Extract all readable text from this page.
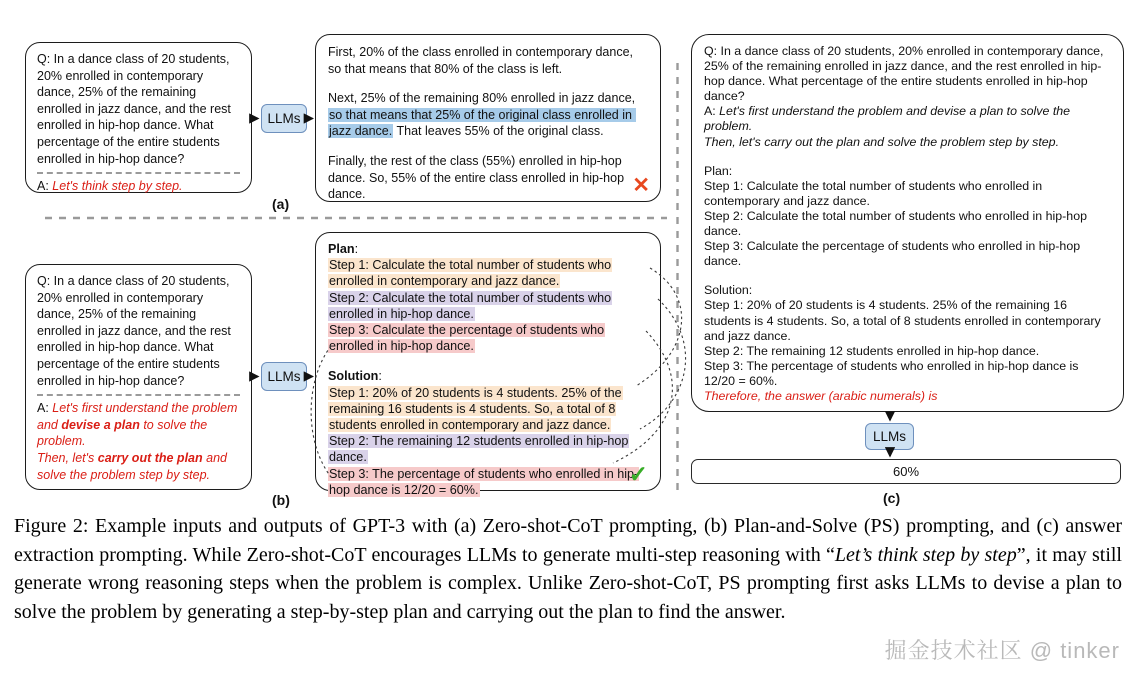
Q: In a dance class of 20 students, 20% enrolled in contemporary dance, 25% of the remaining enrolled in jazz dance, and the rest enrolled in hip-hop dance. What percentage of the entire students enrolled in hip-hop dance?
A: Let's think step by step.
LLMs

First, 20% of the class enrolled in contemporary dance, so that means that 80% of the class is left.

Next, 25% of the remaining 80% enrolled in jazz dance, so that means that 25% of the original class enrolled in jazz dance. That leaves 55% of the original class.

Finally, the rest of the class (55%) enrolled in hip-hop dance. So, 55% of the entire class enrolled in hip-hop dance.	✕
(a)
Q: In a dance class of 20 students, 20% enrolled in contemporary dance, 25% of the remaining enrolled in jazz dance, and the rest enrolled in hip-hop dance. What percentage of the entire students enrolled in hip-hop dance?
A: Let's first understand the problem and devise a plan to solve the problem.
Then, let's carry out the plan and solve the problem step by step.
LLMs
Plan:
Step 1: Calculate the total number of students who enrolled in contemporary and jazz dance.
Step 2: Calculate the total number of students who enrolled in hip-hop dance.
Step 3: Calculate the percentage of students who enrolled in hip-hop dance.
Solution:
Step 1: 20% of 20 students is 4 students. 25% of the remaining 16 students is 4 students. So, a total of 8 students enrolled in contemporary and jazz dance.
Step 2: The remaining 12 students enrolled in hip-hop dance.
Step 3: The percentage of students who enrolled in hip-hop dance is 12/20 = 60%.
✓
(b)
Q: In a dance class of 20 students, 20% enrolled in contemporary dance, 25% of the remaining enrolled in jazz dance, and the rest enrolled in hip-hop dance. What percentage of the entire students enrolled in hip-hop dance?
A: Let's first understand the problem and devise a plan to solve the problem.
Then, let's carry out the plan and solve the problem step by step.
Plan:
Step 1: Calculate the total number of students who enrolled in contemporary and jazz dance.
Step 2: Calculate the total number of students who enrolled in hip-hop dance.
Step 3: Calculate the percentage of students who enrolled in hip-hop dance.
Solution:
Step 1: 20% of 20 students is 4 students. 25% of the remaining 16 students is 4 students. So, a total of 8 students enrolled in contemporary and jazz dance.
Step 2: The remaining 12 students enrolled in hip-hop dance.
Step 3: The percentage of students who enrolled in hip-hop dance is 12/20 = 60%.
Therefore, the answer (arabic numerals) is
LLMs
60%
(c)
Figure 2: Example inputs and outputs of GPT-3 with (a) Zero-shot-CoT prompting, (b) Plan-and-Solve (PS) prompting, and (c) answer extraction prompting. While Zero-shot-CoT encourages LLMs to generate multi-step reasoning with “Let’s think step by step”, it may still generate wrong reasoning steps when the problem is complex. Unlike Zero-shot-CoT, PS prompting first asks LLMs to devise a plan to solve the problem by generating a step-by-step plan and carrying out the plan to find the answer.
掘金技术社区 @ tinker
